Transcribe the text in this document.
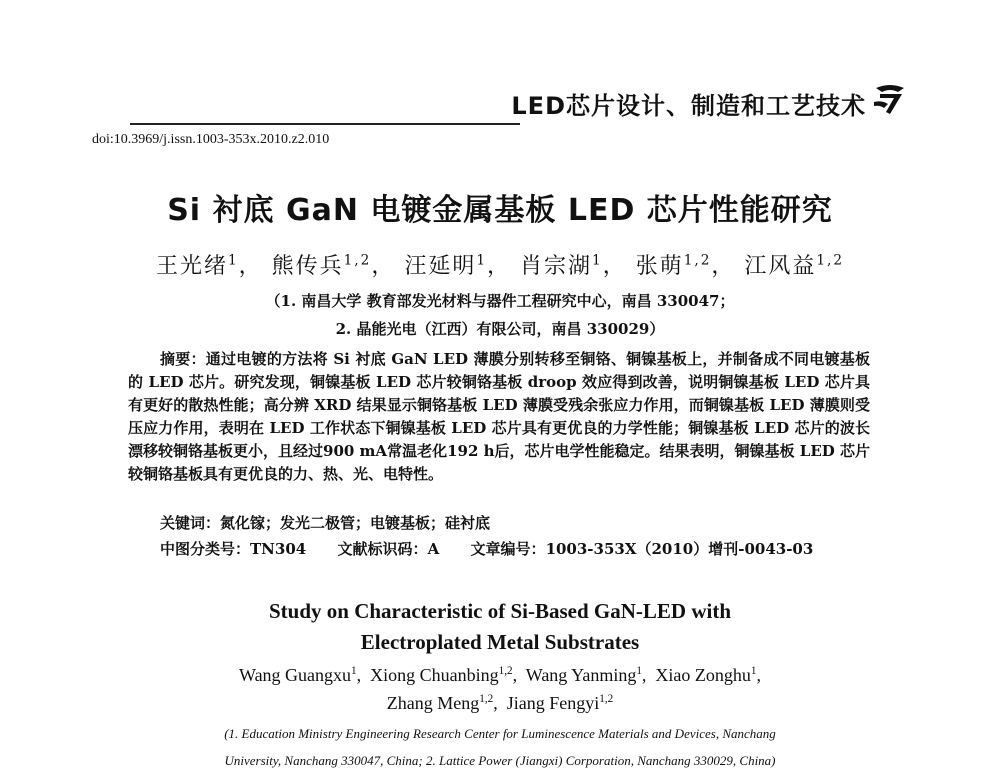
LED芯片设计、制造和工艺技术
doi:10.3969/j.issn.1003-353x.2010.z2.010
Si 衬底 GaN 电镀金属基板 LED 芯片性能研究
王光绪$^1$， 熊传兵$^{1,2}$， 汪延明$^1$， 肖宗湖$^1$， 张萌$^{1,2}$， 江风益$^{1,2}$
（1. 南昌大学 教育部发光材料与器件工程研究中心，南昌 330047；
2. 晶能光电（江西）有限公司，南昌 330029）
摘要：通过电镀的方法将 Si 衬底 GaN LED 薄膜分别转移至铜铬、铜镍基板上，并制备成不同电镀基板的 LED 芯片。研究发现，铜镍基板 LED 芯片较铜铬基板 droop 效应得到改善，说明铜镍基板 LED 芯片具有更好的散热性能；高分辨 XRD 结果显示铜铬基板 LED 薄膜受残余张应力作用，而铜镍基板 LED 薄膜则受压应力作用，表明在 LED 工作状态下铜镍基板 LED 芯片具有更优良的力学性能；铜镍基板 LED 芯片的波长漂移较铜铬基板更小，且经过900 mA常温老化192 h后，芯片电学性能稳定。结果表明，铜镍基板 LED 芯片较铜铬基板具有更优良的力、热、光、电特性。
关键词：氮化镓；发光二极管；电镀基板；硅衬底
中图分类号：TN304 文献标识码：A 文章编号：1003-353X（2010）增刊-0043-03
Study on Characteristic of Si-Based GaN-LED with
Electroplated Metal Substrates
Wang Guangxu$^1$,  Xiong Chuanbing$^{1,2}$,  Wang Yanming$^1$,  Xiao Zonghu$^1$,
Zhang Meng$^{1,2}$,  Jiang Fengyi$^{1,2}$
(1. Education Ministry Engineering Research Center for Luminescence Materials and Devices, Nanchang
University, Nanchang 330047, China; 2. Lattice Power (Jiangxi) Corporation, Nanchang 330029, China)
